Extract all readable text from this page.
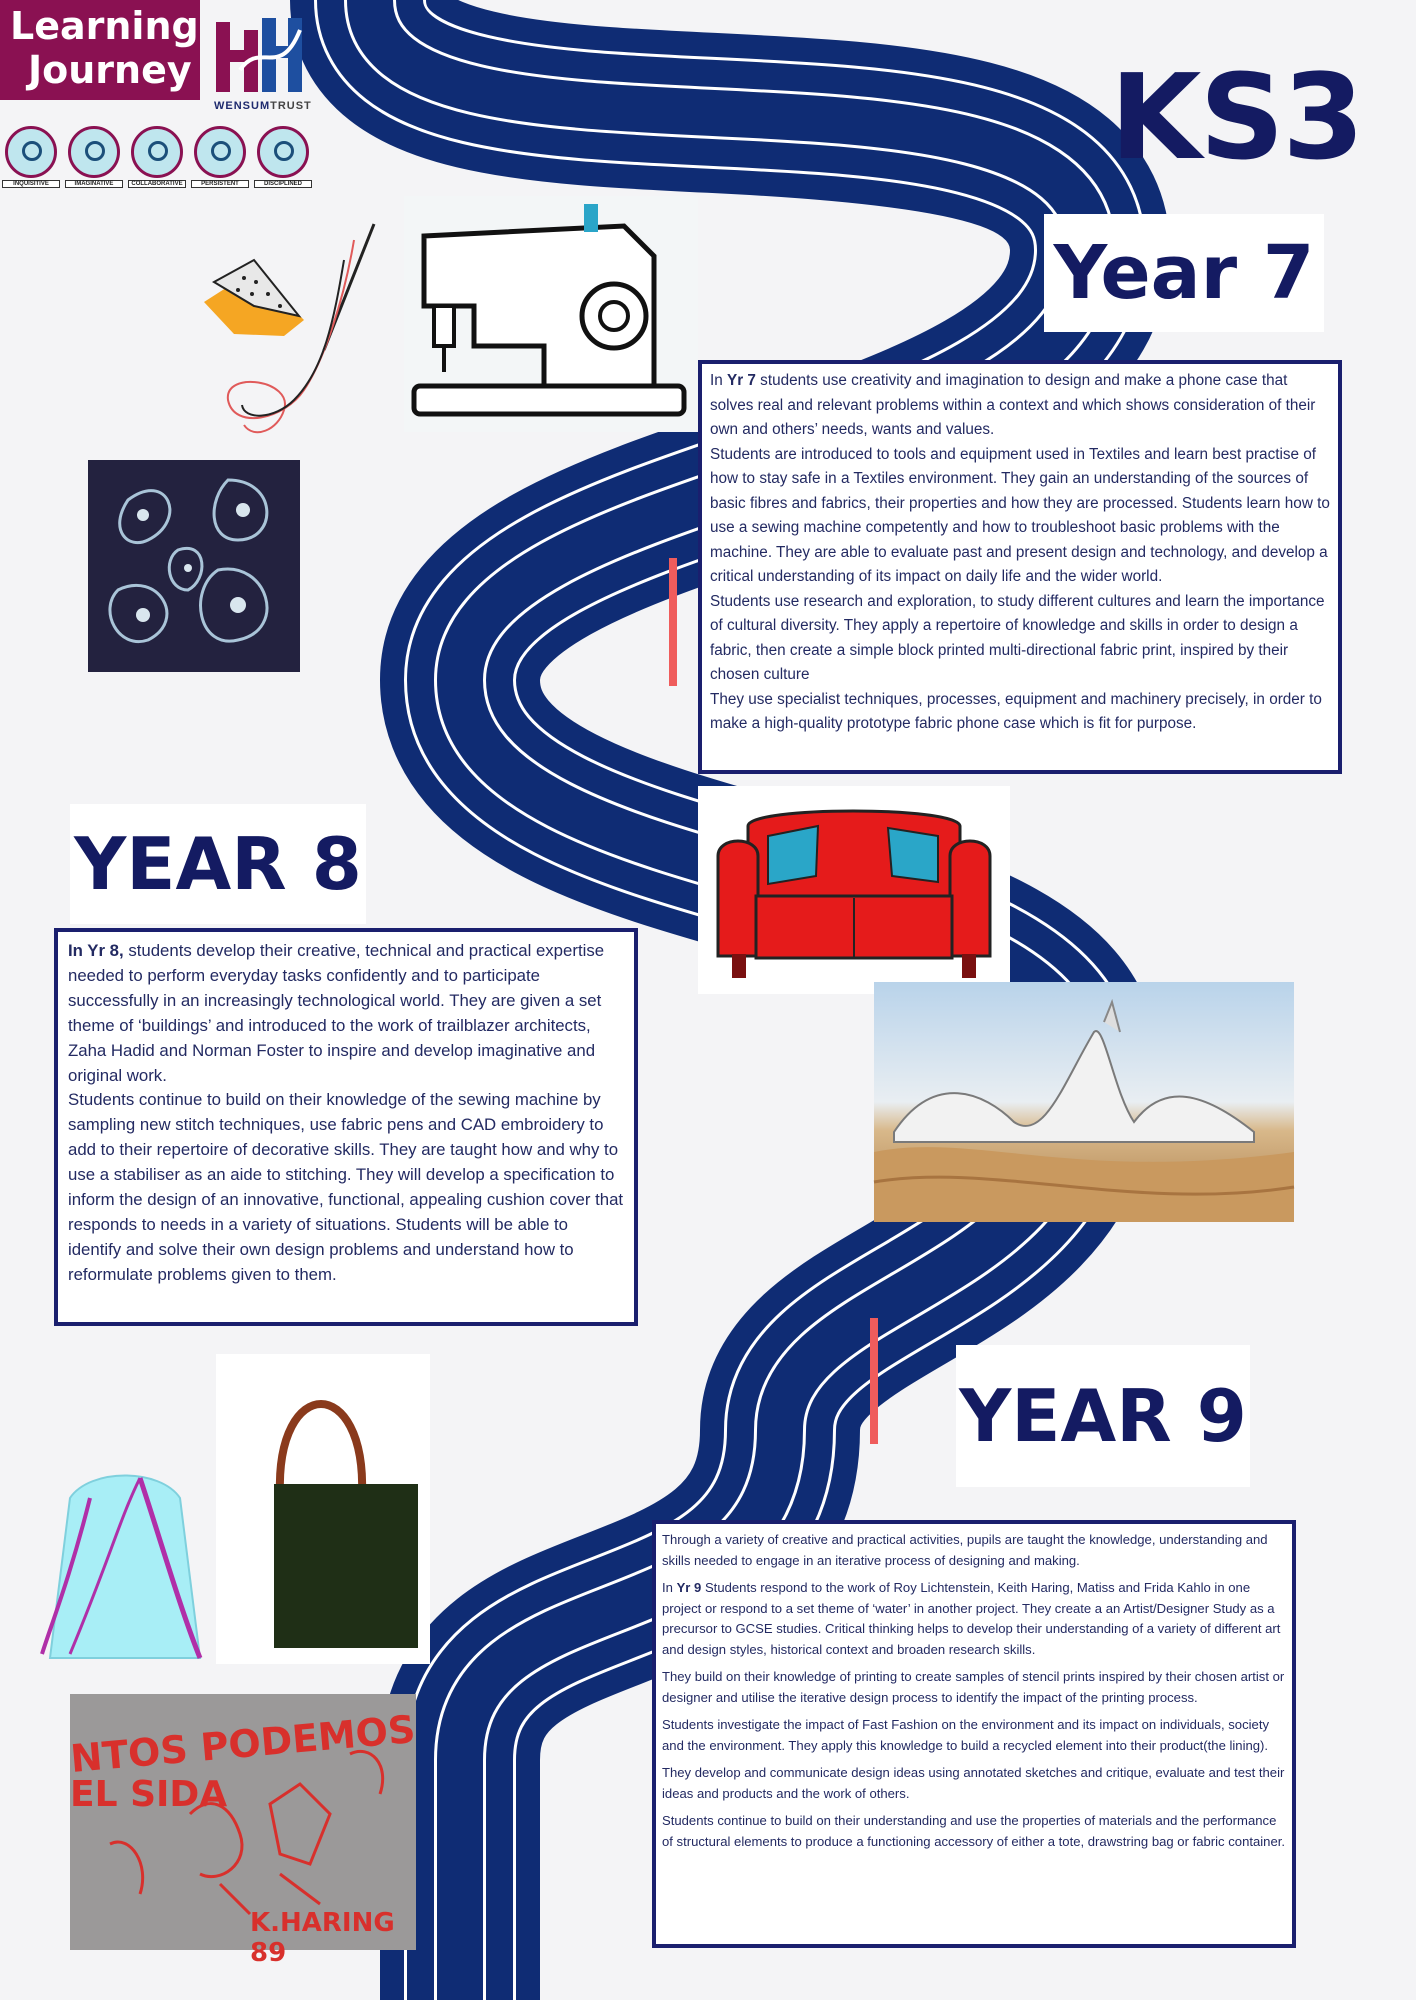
Learning
Journey
WENSUMTRUST
INQUISITIVE	IMAGINATIVE	COLLABORATIVE	PERSISTENT	DISCIPLINED	KS3
Year 7

In Yr 7 students use creativity and imagination to design and make a phone case that solves real and relevant problems within a context and which shows consideration of their own and others’ needs, wants and values.

Students are introduced to tools and equipment used in Textiles and learn best practise of how to stay safe in a Textiles environment. They gain an understanding of the sources of basic fibres and fabrics, their properties and how they are processed. Students learn how to use a sewing machine competently and how to troubleshoot basic problems with the machine. They are able to evaluate past and present design and technology, and develop a critical understanding of its impact on daily life and the wider world.

Students use research and exploration, to study different cultures and learn the importance of cultural diversity. They apply a repertoire of knowledge and skills in order to design a fabric, then create a simple block printed multi-directional fabric print, inspired by their chosen culture

They use specialist techniques, processes, equipment and machinery precisely, in order to make a high-quality prototype fabric phone case which is fit for purpose.

YEAR 8

In Yr 8, students develop their creative, technical and practical expertise needed to perform everyday tasks confidently and to participate successfully in an increasingly technological world. They are given a set theme of ‘buildings’ and introduced to the work of trailblazer architects, Zaha Hadid and Norman Foster to inspire and develop imaginative and original work.

Students continue to build on their knowledge of the sewing machine by sampling new stitch techniques, use fabric pens and CAD embroidery to add to their repertoire of decorative skills. They are taught how and why to use a stabiliser as an aide to stitching. They will develop a specification to inform the design of an innovative, functional, appealing cushion cover that responds to needs in a variety of situations. Students will be able to identify and solve their own design problems and understand how to reformulate problems given to them.

YEAR 9

Through a variety of creative and practical activities, pupils are taught the knowledge, understanding and skills needed to engage in an iterative process of designing and making.

In Yr 9 Students respond to the work of Roy Lichtenstein, Keith Haring, Matiss and Frida Kahlo in one project or respond to a set theme of ‘water’ in another project. They create a an Artist/Designer Study as a precursor to GCSE studies. Critical thinking helps to develop their understanding of a variety of different art and design styles, historical context and broaden research skills.

They build on their knowledge of printing to create samples of stencil prints inspired by their chosen artist or designer and utilise the iterative design process to identify the impact of the printing process.

Students investigate the impact of Fast Fashion on the environment and its impact on individuals, society and the environment. They apply this knowledge to build a recycled element into their product(the lining).

They develop and communicate design ideas using annotated sketches and critique, evaluate and test their ideas and products and the work of others.

Students continue to build on their understanding and use the properties of materials and the performance of structural elements to produce a functioning accessory of either a tote, drawstring bag or fabric container.

NTOS PODEMOS
EL SIDA
K.HARING 89
